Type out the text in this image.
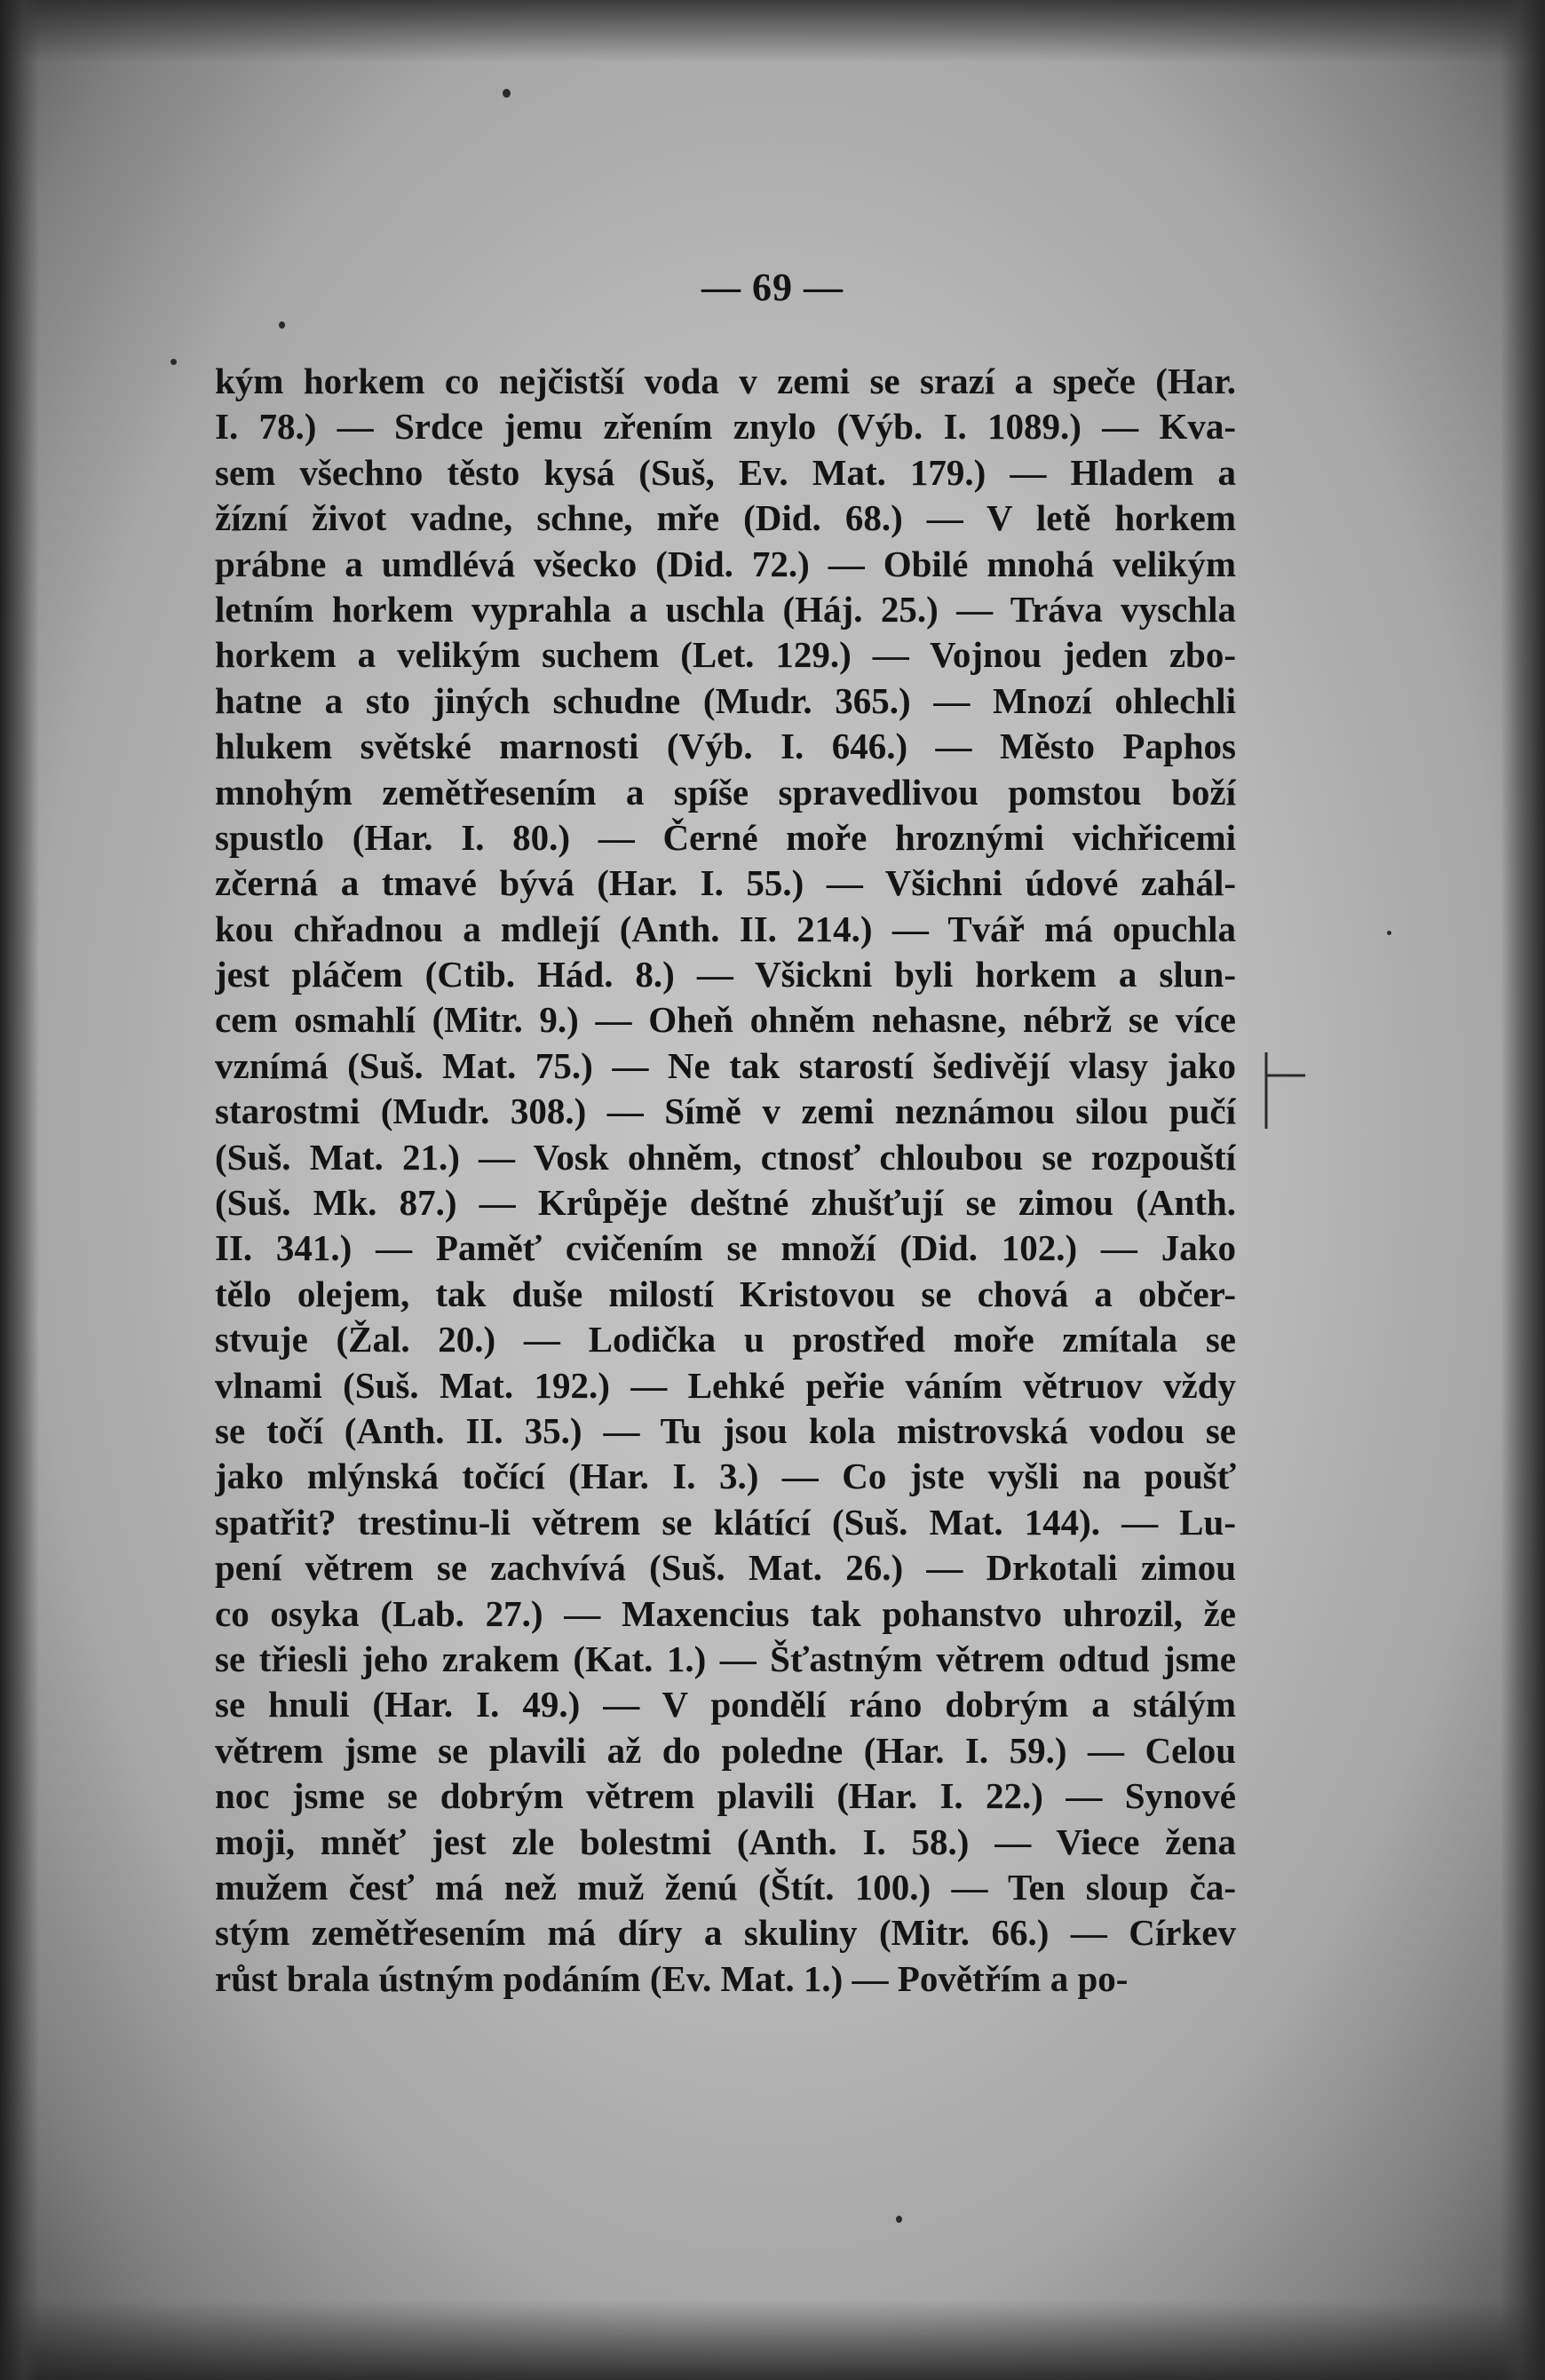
— 69 —
kým horkem co nejčistší voda v zemi se srazí a speče (Har.
I. 78.) — Srdce jemu zřením znylo (Výb. I. 1089.) — Kva-
sem všechno těsto kysá (Suš, Ev. Mat. 179.) — Hladem a
žízní život vadne, schne, mře (Did. 68.) — V letě horkem
prábne a umdlévá všecko (Did. 72.) — Obilé mnohá velikým
letním horkem vyprahla a uschla (Háj. 25.) — Tráva vyschla
horkem a velikým suchem (Let. 129.) — Vojnou jeden zbo-
hatne a sto jiných schudne (Mudr. 365.) — Mnozí ohlechli
hlukem světské marnosti (Výb. I. 646.) — Město Paphos
mnohým zemětřesením a spíše spravedlivou pomstou boží
spustlo (Har. I. 80.) — Černé moře hroznými vichřicemi
zčerná a tmavé bývá (Har. I. 55.) — Všichni údové zahál-
kou chřadnou a mdlejí (Anth. II. 214.) — Tvář má opuchla
jest pláčem (Ctib. Hád. 8.) — Všickni byli horkem a slun-
cem osmahlí (Mitr. 9.) — Oheň ohněm nehasne, nébrž se více
vznímá (Suš. Mat. 75.) — Ne tak starostí šedivějí vlasy jako
starostmi (Mudr. 308.) — Símě v zemi neznámou silou pučí
(Suš. Mat. 21.) — Vosk ohněm, ctnosť chloubou se rozpouští
(Suš. Mk. 87.) — Krůpěje deštné zhušťují se zimou (Anth.
II. 341.) — Paměť cvičením se množí (Did. 102.) — Jako
tělo olejem, tak duše milostí Kristovou se chová a občer-
stvuje (Žal. 20.) — Lodička u prostřed moře zmítala se
vlnami (Suš. Mat. 192.) — Lehké peřie váním větruov vždy
se točí (Anth. II. 35.) — Tu jsou kola mistrovská vodou se
jako mlýnská točící (Har. I. 3.) — Co jste vyšli na poušť
spatřit? trestinu-li větrem se klátící (Suš. Mat. 144). — Lu-
pení větrem se zachvívá (Suš. Mat. 26.) — Drkotali zimou
co osyka (Lab. 27.) — Maxencius tak pohanstvo uhrozil, že
se třiesli jeho zrakem (Kat. 1.) — Šťastným větrem odtud jsme
se hnuli (Har. I. 49.) — V pondělí ráno dobrým a stálým
větrem jsme se plavili až do poledne (Har. I. 59.) — Celou
noc jsme se dobrým větrem plavili (Har. I. 22.) — Synové
moji, mněť jest zle bolestmi (Anth. I. 58.) — Viece žena
mužem česť má než muž ženú (Štít. 100.) — Ten sloup ča-
stým zemětřesením má díry a skuliny (Mitr. 66.) — Církev
růst brala ústným podáním (Ev. Mat. 1.) — Povětřím a po-
